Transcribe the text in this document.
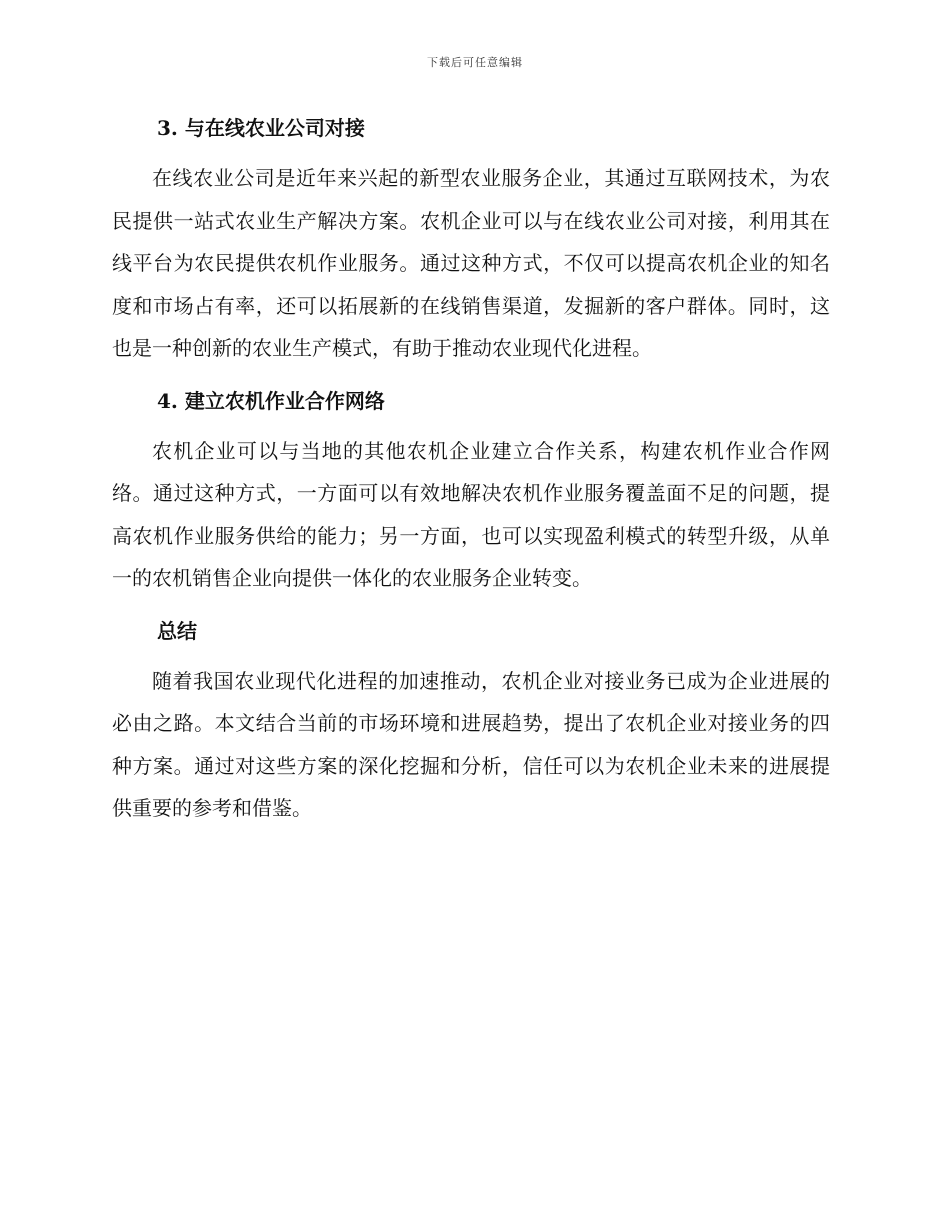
下载后可任意编辑
3. 与在线农业公司对接

在线农业公司是近年来兴起的新型农业服务企业，其通过互联网技术，为农民提供一站式农业生产解决方案。农机企业可以与在线农业公司对接，利用其在线平台为农民提供农机作业服务。通过这种方式，不仅可以提高农机企业的知名度和市场占有率，还可以拓展新的在线销售渠道，发掘新的客户群体。同时，这也是一种创新的农业生产模式，有助于推动农业现代化进程。

4. 建立农机作业合作网络

农机企业可以与当地的其他农机企业建立合作关系，构建农机作业合作网络。通过这种方式，一方面可以有效地解决农机作业服务覆盖面不足的问题，提高农机作业服务供给的能力；另一方面，也可以实现盈利模式的转型升级，从单一的农机销售企业向提供一体化的农业服务企业转变。

总结

随着我国农业现代化进程的加速推动，农机企业对接业务已成为企业进展的必由之路。本文结合当前的市场环境和进展趋势，提出了农机企业对接业务的四种方案。通过对这些方案的深化挖掘和分析，信任可以为农机企业未来的进展提供重要的参考和借鉴。
